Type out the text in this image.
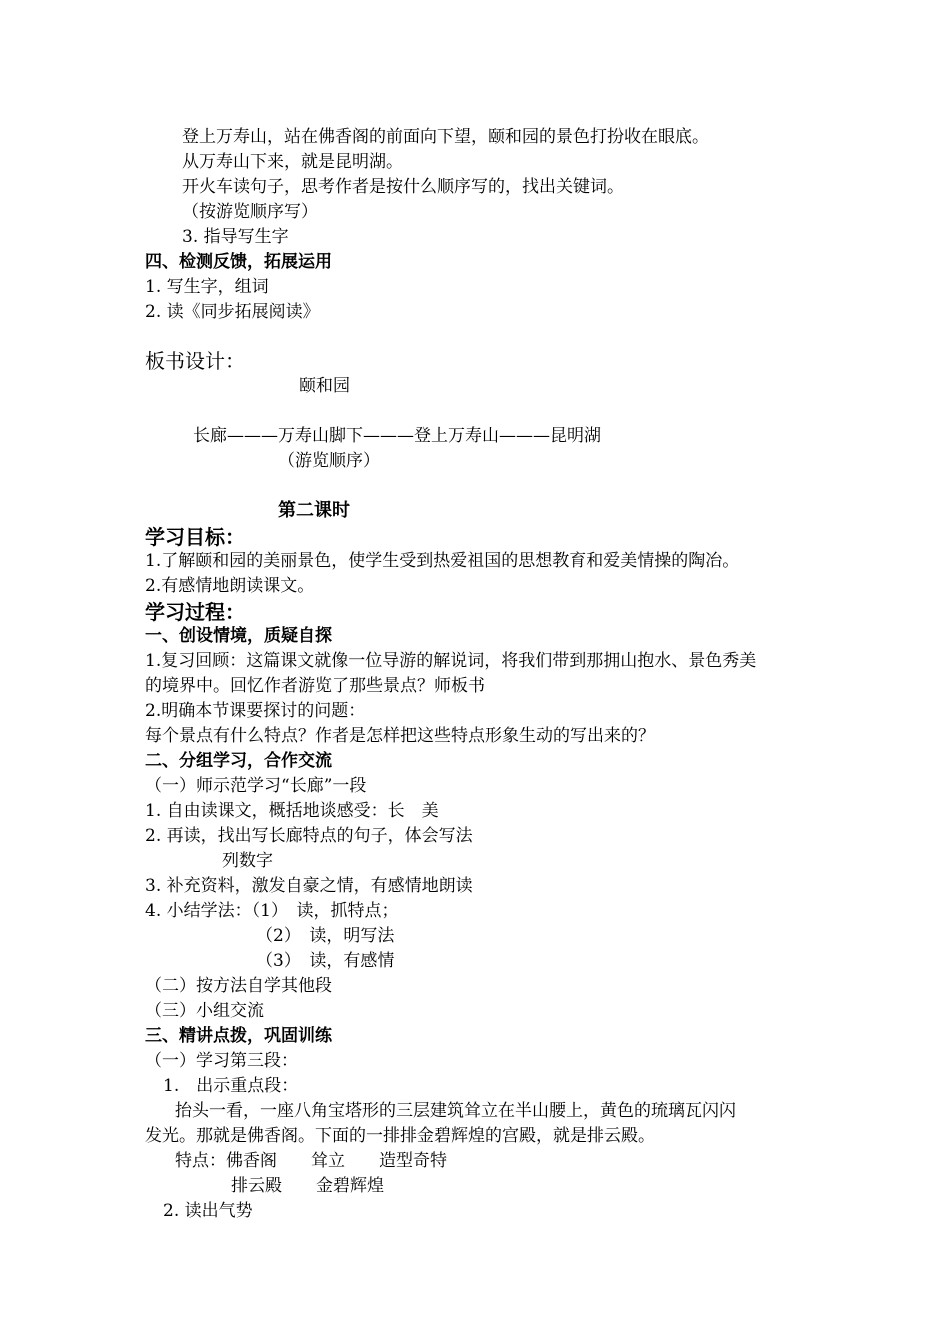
登上万寿山，站在佛香阁的前面向下望，颐和园的景色打扮收在眼底。
从万寿山下来，就是昆明湖。
开火车读句子，思考作者是按什么顺序写的，找出关键词。
（按游览顺序写）
3. 指导写生字
四、检测反馈，拓展运用
1. 写生字，组词
2. 读《同步拓展阅读》
板书设计：
颐和园
长廊———万寿山脚下———登上万寿山———昆明湖
（游览顺序）
第二课时
学习目标：
1.了解颐和园的美丽景色，使学生受到热爱祖国的思想教育和爱美情操的陶冶。
2.有感情地朗读课文。
学习过程：
一、创设情境，质疑自探
1.复习回顾：这篇课文就像一位导游的解说词，将我们带到那拥山抱水、景色秀美
的境界中。回忆作者游览了那些景点？师板书
2.明确本节课要探讨的问题：
每个景点有什么特点？作者是怎样把这些特点形象生动的写出来的？
二、分组学习，合作交流
（一）师示范学习“长廊”一段
1. 自由读课文，概括地谈感受：长　美
2. 再读，找出写长廊特点的句子，体会写法
列数字
3. 补充资料，激发自豪之情，有感情地朗读
4. 小结学法：（1）　读，抓特点；
（2）　读，明写法
（3）　读，有感情
（二）按方法自学其他段
（三）小组交流
三、精讲点拨，巩固训练
（一）学习第三段：
1.　出示重点段：
抬头一看，一座八角宝塔形的三层建筑耸立在半山腰上，黄色的琉璃瓦闪闪
发光。那就是佛香阁。下面的一排排金碧辉煌的宫殿，就是排云殿。
特点：佛香阁　　耸立　　造型奇特
排云殿　　金碧辉煌
2. 读出气势
